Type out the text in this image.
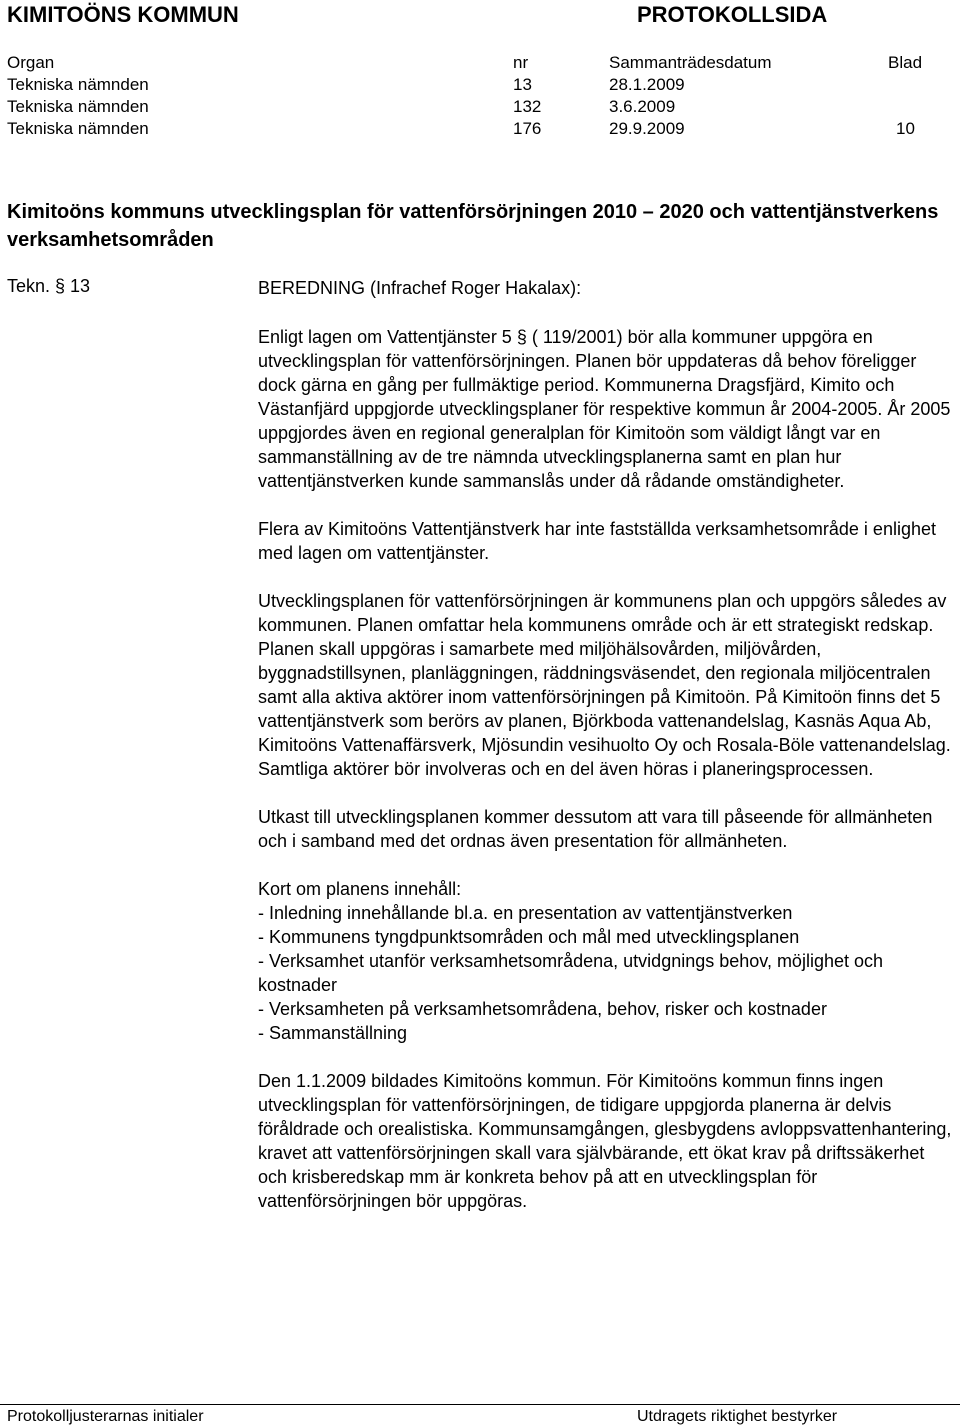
KIMITOÖNS KOMMUN	PROTOKOLLSIDA
Organ	nr	Sammanträdesdatum	Blad
Tekniska nämnden	13	28.1.2009
Tekniska nämnden	132	3.6.2009
Tekniska nämnden	176	29.9.2009	10
Kimitoöns kommuns utvecklingsplan för vattenförsörjningen 2010 – 2020 och vattentjänstverkens verksamhetsområden
Tekn. § 13	BEREDNING (Infrachef Roger Hakalax):

Enligt lagen om Vattentjänster 5 § ( 119/2001) bör alla kommuner uppgöra en utvecklingsplan för vattenförsörjningen. Planen bör uppdateras då behov föreligger dock gärna en gång per fullmäktige period. Kommunerna Dragsfjärd, Kimito och Västanfjärd uppgjorde utvecklingsplaner för respektive kommun år 2004-2005. År 2005 uppgjordes även en regional generalplan för Kimitoön som väldigt långt var en sammanställning av de tre nämnda utvecklingsplanerna samt en plan hur vattentjänstverken kunde sammanslås under då rådande omständigheter.

Flera av Kimitoöns Vattentjänstverk har inte fastställda verksamhetsområde i enlighet med lagen om vattentjänster.

Utvecklingsplanen för vattenförsörjningen är kommunens plan och uppgörs således av kommunen. Planen omfattar hela kommunens område och är ett strategiskt redskap. Planen skall uppgöras i samarbete med miljöhälsovården, miljövården, byggnadstillsynen, planläggningen, räddningsväsendet, den regionala miljöcentralen samt alla aktiva aktörer inom vattenförsörjningen på Kimitoön. På Kimitoön finns det 5 vattentjänstverk som berörs av planen, Björkboda vattenandelslag, Kasnäs Aqua Ab, Kimitoöns Vattenaffärsverk, Mjösundin vesihuolto Oy och Rosala-Böle vattenandelslag. Samtliga aktörer bör involveras och en del även höras i planeringsprocessen.

Utkast till utvecklingsplanen kommer dessutom att vara till påseende för allmänheten och i samband med det ordnas även presentation för allmänheten.

Kort om planens innehåll:

- Inledning innehållande bl.a. en presentation av vattentjänstverken

- Kommunens tyngdpunktsområden och mål med utvecklingsplanen

- Verksamhet utanför verksamhetsområdena, utvidgnings behov, möjlighet och kostnader

- Verksamheten på verksamhetsområdena, behov, risker och kostnader

- Sammanställning

Den 1.1.2009 bildades Kimitoöns kommun. För Kimitoöns kommun finns ingen utvecklingsplan för vattenförsörjningen, de tidigare uppgjorda planerna är delvis föråldrade och orealistiska. Kommunsamgången, glesbygdens avloppsvattenhantering, kravet att vattenförsörjningen skall vara självbärande, ett ökat krav på driftssäkerhet och krisberedskap mm är konkreta behov på att en utvecklingsplan för vattenförsörjningen bör uppgöras.

Protokolljusterarnas initialer	Utdragets riktighet bestyrker
